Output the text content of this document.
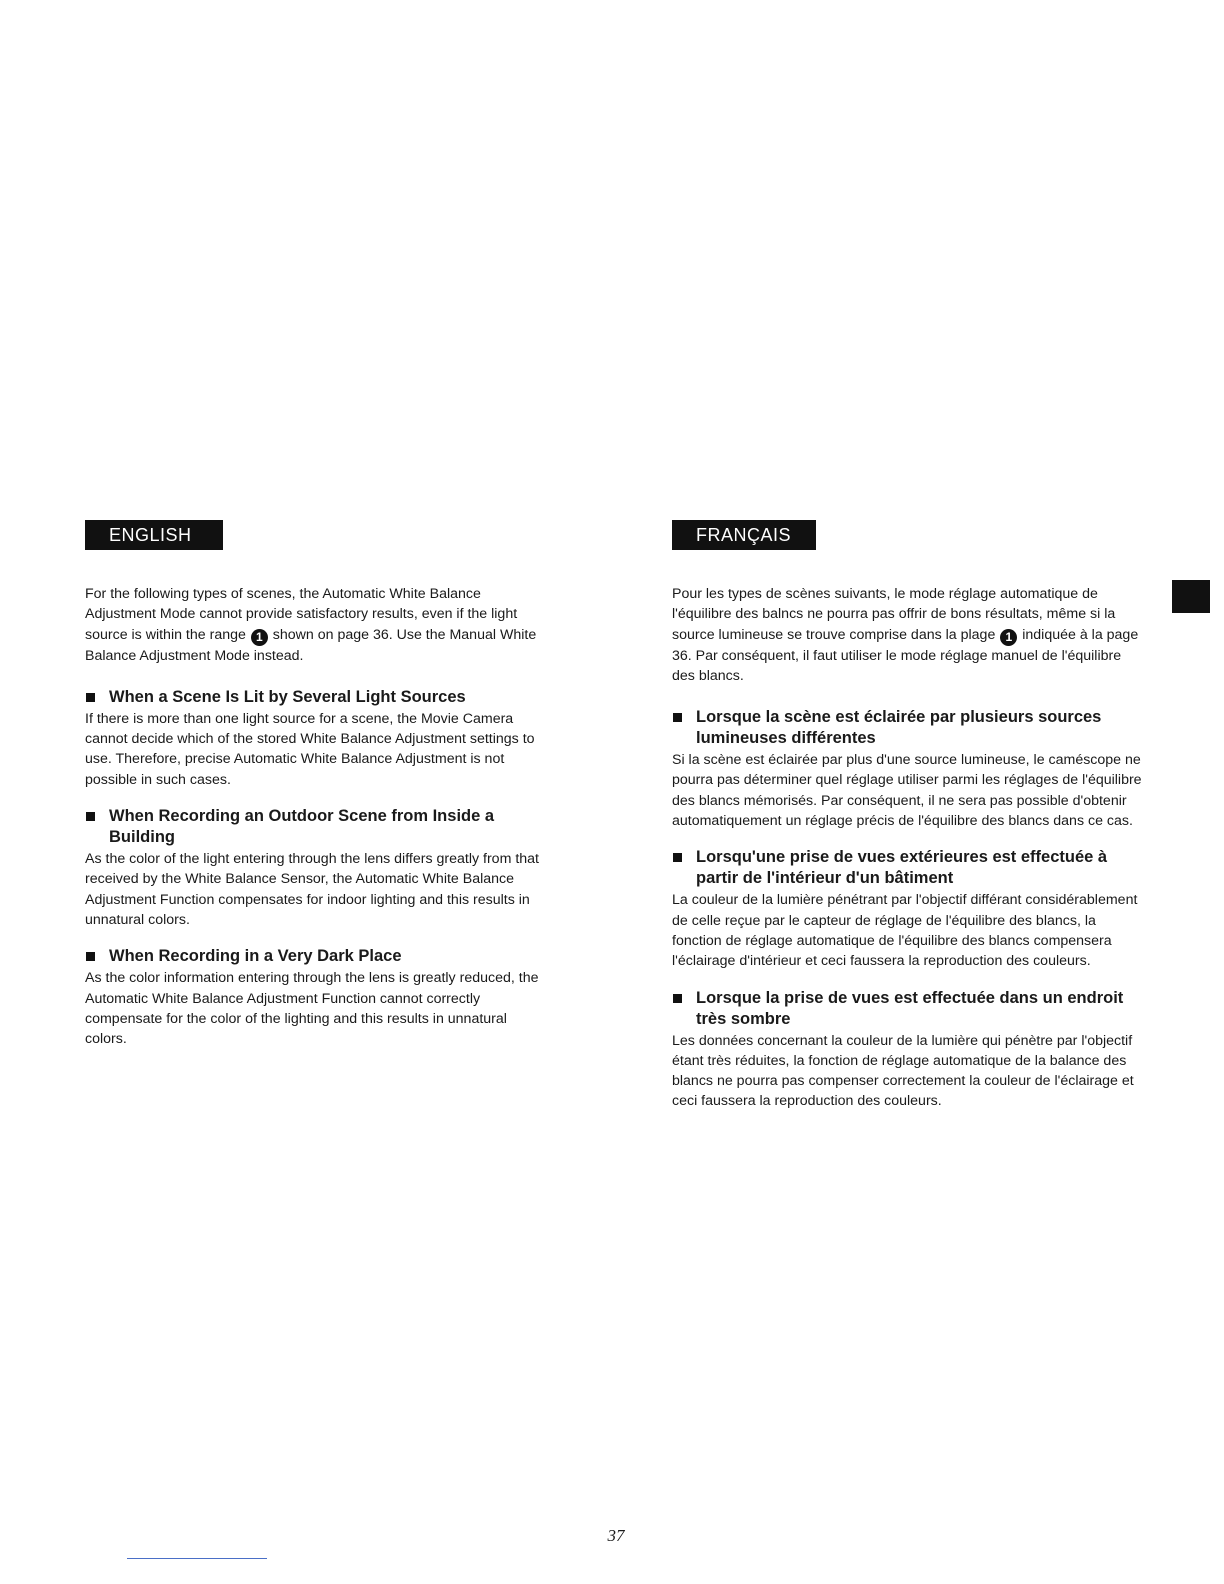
ENGLISH

For the following types of scenes, the Automatic White Balance Adjustment Mode cannot provide satisfactory results, even if the light source is within the range 1 shown on page 36. Use the Manual White Balance Adjustment Mode instead.

When a Scene Is Lit by Several Light Sources

If there is more than one light source for a scene, the Movie Camera cannot decide which of the stored White Balance Adjustment settings to use. Therefore, precise Automatic White Balance Adjustment is not possible in such cases.

When Recording an Outdoor Scene from Inside a Building

As the color of the light entering through the lens differs greatly from that received by the White Balance Sensor, the Automatic White Balance Adjustment Function compensates for indoor lighting and this results in unnatural colors.

When Recording in a Very Dark Place

As the color information entering through the lens is greatly reduced, the Automatic White Balance Adjustment Function cannot correctly compensate for the color of the lighting and this results in unnatural colors.

FRANÇAIS

Pour les types de scènes suivants, le mode réglage automatique de l'équilibre des balncs ne pourra pas offrir de bons résultats, même si la source lumineuse se trouve comprise dans la plage 1 indiquée à la page 36. Par conséquent, il faut utiliser le mode réglage manuel de l'équilibre des blancs.

Lorsque la scène est éclairée par plusieurs sources lumineuses différentes

Si la scène est éclairée par plus d'une source lumineuse, le caméscope ne pourra pas déterminer quel réglage utiliser parmi les réglages de l'équilibre des blancs mémorisés. Par conséquent, il ne sera pas possible d'obtenir automatiquement un réglage précis de l'équilibre des blancs dans ce cas.

Lorsqu'une prise de vues extérieures est effectuée à partir de l'intérieur d'un bâtiment

La couleur de la lumière pénétrant par l'objectif différant considérablement de celle reçue par le capteur de réglage de l'équilibre des blancs, la fonction de réglage automatique de l'équilibre des blancs compensera l'éclairage d'intérieur et ceci faussera la reproduction des couleurs.

Lorsque la prise de vues est effectuée dans un endroit très sombre

Les données concernant la couleur de la lumière qui pénètre par l'objectif étant très réduites, la fonction de réglage automatique de la balance des blancs ne pourra pas compenser correctement la couleur de l'éclairage et ceci faussera la reproduction des couleurs.

37
